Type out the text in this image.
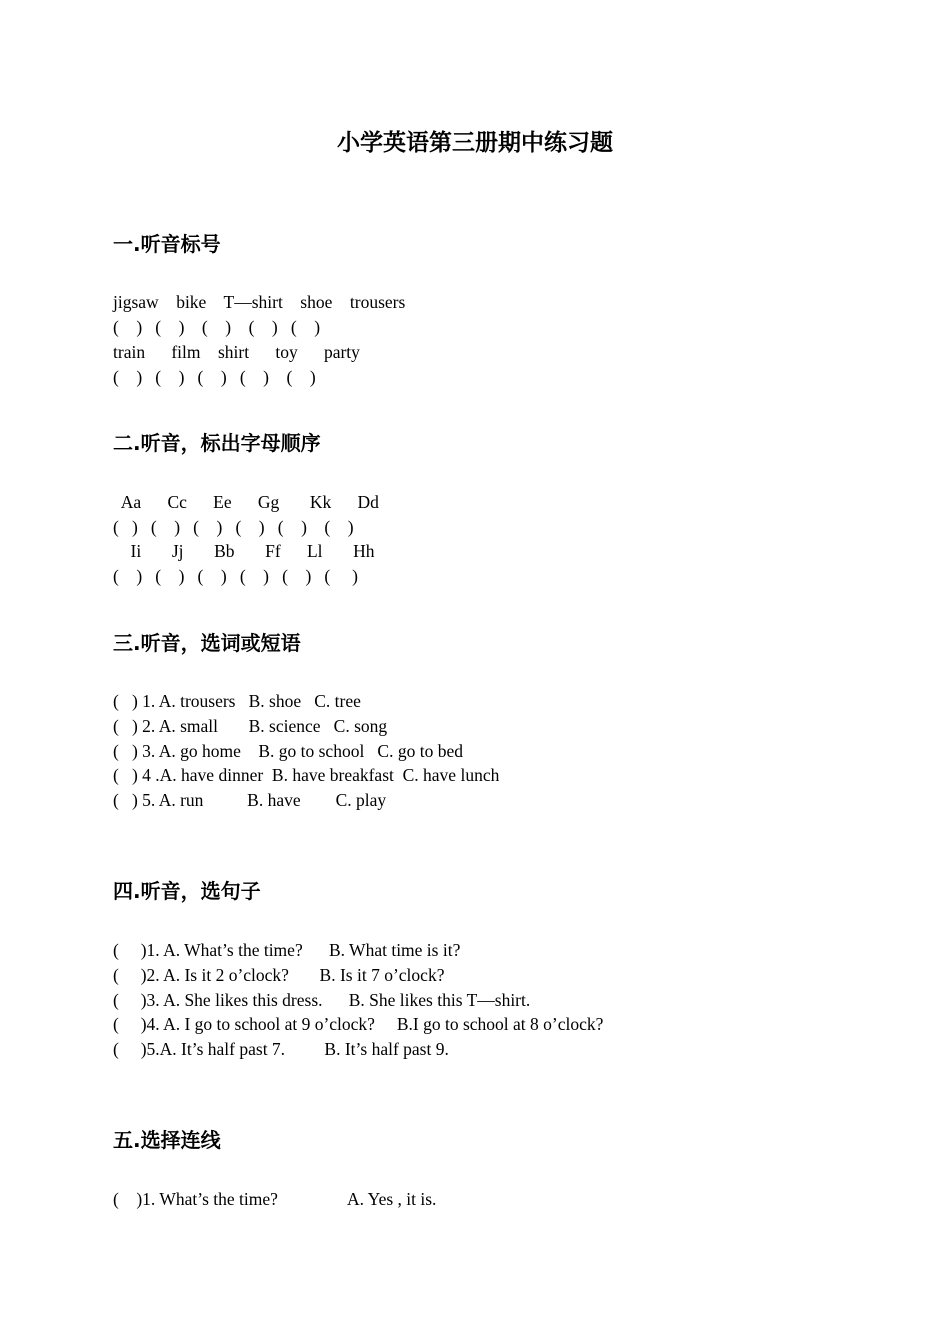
小学英语第三册期中练习题
一.听音标号

jigsaw    bike    T—shirt    shoe    trousers

(    )   (    )    (    )    (    )   (    )

train      film    shirt      toy      party

(    )   (    )   (    )   (    )    (    )

二.听音，标出字母顺序

Aa      Cc      Ee      Gg       Kk      Dd

(   )   (    )   (    )   (    )   (    )    (    )

Ii       Jj       Bb       Ff      Ll       Hh

(    )   (    )   (    )   (    )   (    )   (     )

三.听音，选词或短语

(   ) 1. A. trousers   B. shoe   C. tree

(   ) 2. A. small       B. science   C. song

(   ) 3. A. go home    B. go to school   C. go to bed

(   ) 4 .A. have dinner  B. have breakfast  C. have lunch

(   ) 5. A. run          B. have        C. play

四.听音，选句子

(     )1. A. What’s the time?      B. What time is it?

(     )2. A. Is it 2 o’clock?       B. Is it 7 o’clock?

(     )3. A. She likes this dress.      B. She likes this T—shirt.

(     )4. A. I go to school at 9 o’clock?     B.I go to school at 8 o’clock?

(     )5.A. It’s half past 7.         B. It’s half past 9.

五.选择连线

(    )1. What’s the time?                A. Yes , it is.
